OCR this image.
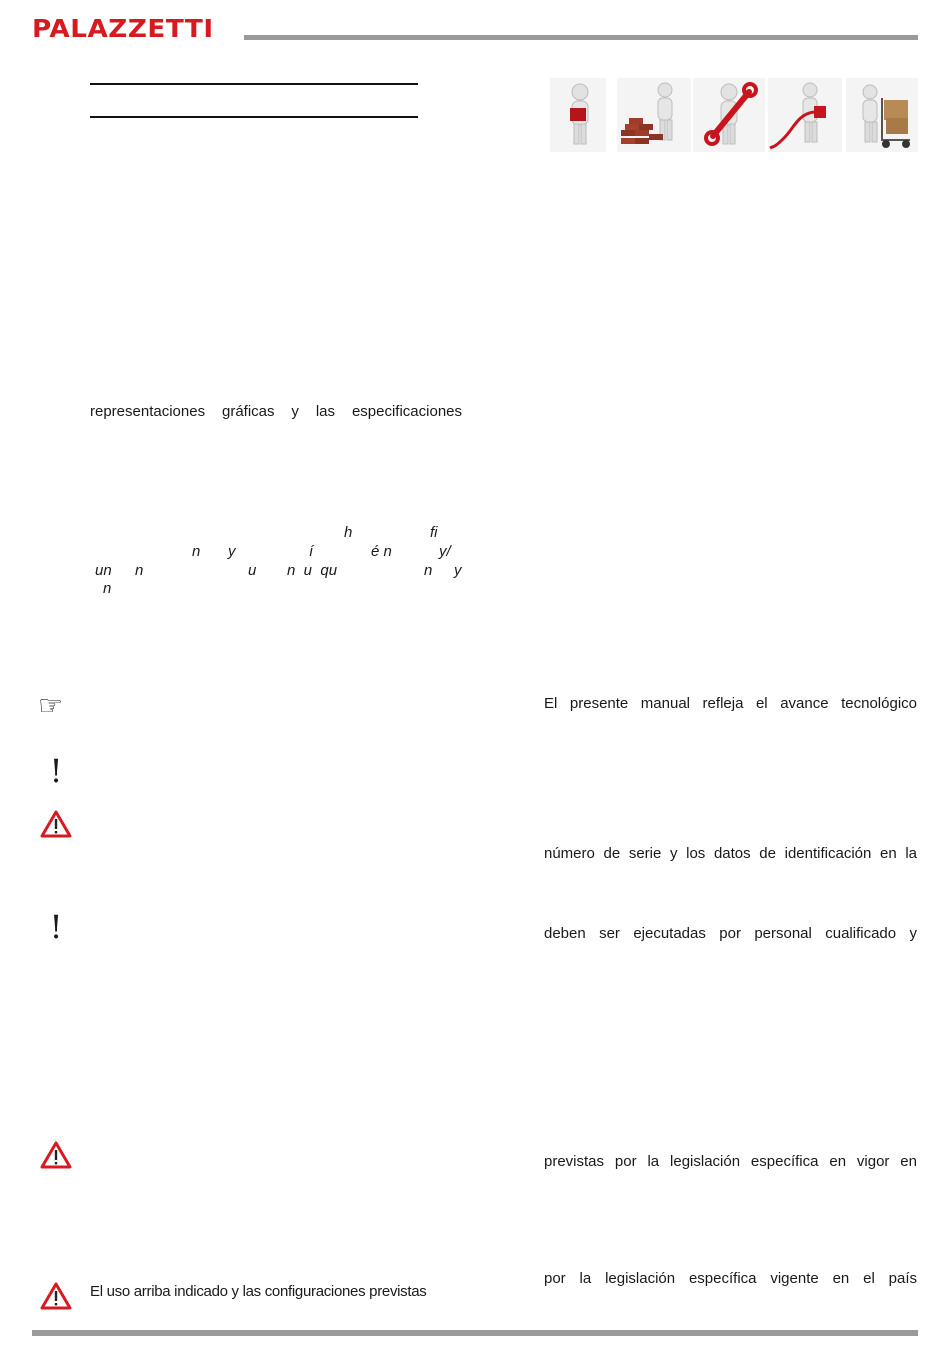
PALAZZETTI
representaciones gráficas y las especificaciones
h	fi
n y	í	é n	y/
un n	u n  u  qu	n y
n
☞
!
!
El uso arriba indicado y las configuraciones previstas
El presente manual refleja el avance tecnológico
número de serie y los datos de identificación en la
deben ser ejecutadas por personal cualificado y
previstas por la legislación específica en vigor en
por la legislación específica vigente en el país
